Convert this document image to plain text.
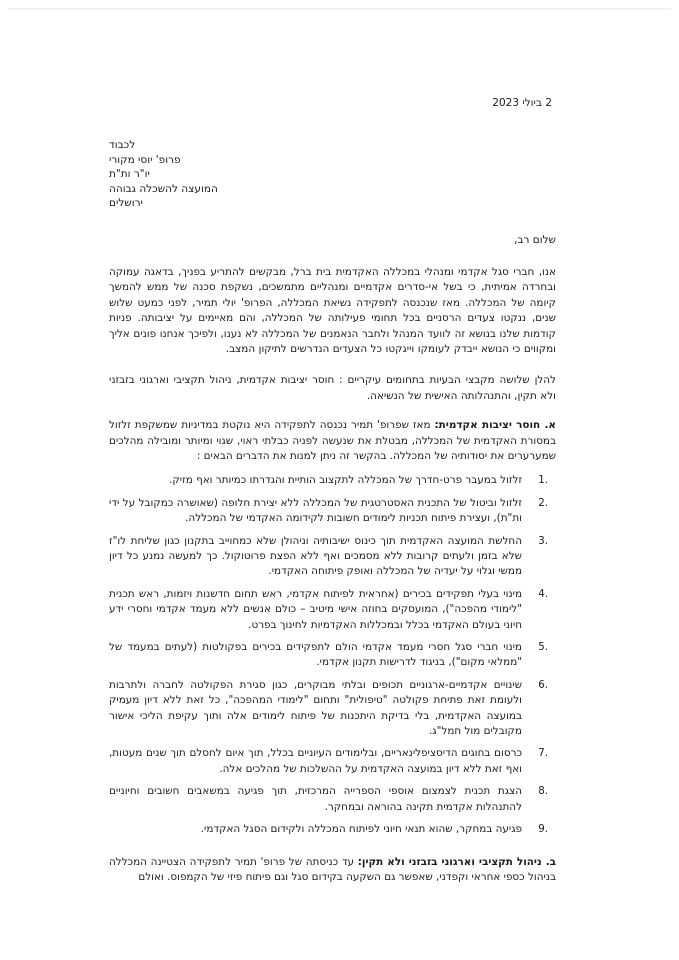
2 ביולי 2023
לכבוד
פרופ' יוסי מקורי
יו"ר ות"ת
המועצה להשכלה גבוהה
ירושלים
שלום רב,

אנו, חברי סגל אקדמי ומנהלי במכללה האקדמית בית ברל, מבקשים להתריע בפניך, בדאגה עמוקה ובחרדה אמיתית, כי בשל אי-סדרים אקדמיים ומנהליים מתמשכים, נשקפת סכנה של ממש להמשך קיומה של המכללה. מאז שנכנסה לתפקידה נשיאת המכללה, הפרופ' יולי תמיר, לפני כמעט שלוש שנים, ננקטו צעדים הרסניים בכל תחומי פעילותה של המכללה, והם מאיימים על יציבותה. פניות קודמות שלנו בנושא זה לוועד המנהל ולחבר הנאמנים של המכללה לא נענו, ולפיכך אנחנו פונים אליך ומקווים כי הנושא ייבדק לעומקו וייגקטו כל הצעדים הנדרשים לתיקון המצב.

להלן שלושה מקבצי הבעיות בתחומים עיקריים : חוסר יציבות אקדמית, ניהול תקציבי וארגוני בזבזני ולא תקין, והתנהלותה האישית של הנשיאה.

א. חוסר יציבות אקדמית: מאז שפרופ' תמיר נכנסה לתפקידה היא נוקטת במדיניות שמשקפת זלזול במסורת האקדמית של המכללה, מבטלת את שנעשה לפניה כבלתי ראוי, שגוי ומיותר ומובילה מהלכים שמערערים את יסודותיה של המכללה. בהקשר זה ניתן למנות את הדברים הבאים :

זלזול במעבר פרט-חדרך של המכללה לתקצוב הותיית והגדרתו כמיותר ואף מזיק.
זלזול וביטול של התכנית האסטרטגית של המכללה ללא יצירת חלופה (שאושרה כמקובל על ידי ות"ת), ועצירת פיתוח תכניות לימודים חשובות לקידומה האקדמי של המכללה.
החלשת המועצה האקדמית תוך כינוס ישיבותיה וניהולן שלא כמחוייב בתקנון כגון שליחת לו"ז שלא בזמן ולעתים קרובות ללא מסמכים ואף ללא הפצת פרוטוקול. כך למעשה נמנע כל דיון ממשי וגלוי על יעדיה של המכללה ואופק פיתוחה האקדמי.
מינוי בעלי תפקידים בכירים (אחראית לפיתוח אקדמי, ראש תחום חדשנות ויזמות, ראש תכנית "לימודי מהפכה"), המועסקים בחוזה אישי מיטיב – כולם אנשים ללא מעמד אקדמי וחסרי ידע חיוני בעולם האקדמי בכלל ובמכללות האקדמיות לחינוך בפרט.
מינוי חברי סגל חסרי מעמד אקדמי הולם לתפקידים בכירים בפקולטות (לעתים במעמד של "ממלאי מקום"), בניגוד לדרישות תקנון אקדמי.
שינויים אקדמיים-ארגוניים תכופים ובלתי מבוקרים, כגון סגירת הפקולטה לחברה ולתרבות ולעומת זאת פתיחת פקולטה "טיפולית" ותחום "לימודי המהפכה", כל זאת ללא דיון מעמיק במועצה האקדמית, בלי בדיקת היתכנות של פיתוח לימודים אלה ותוך עקיפת הליכי אישור מקובלים מול חמל"ג.
כרסום בחוגים הדיסציפלינאריים, ובלימודים העיוניים בכלל, תוך איום לחסלם תוך שנים מעטות, ואף זאת ללא דיון במועצה האקדמית על ההשלכות של מהלכים אלה.
הצגת תכנית לצמצום אוספי הספרייה המרכזית, תוך פגיעה במשאבים חשובים וחיוניים להתנהלות אקדמית תקינה בהוראה ובמחקר.
פגיעה במחקר, שהוא תנאי חיוני לפיתוח המכללה ולקידום הסגל האקדמי.

ב. ניהול תקציבי וארגוני בזבזני ולא תקין: עד כניסתה של פרופ' תמיר לתפקידה הצטיינה המכללה בניהול כספי אחראי וקפדני, שאפשר גם השקעה בקידום סגל וגם פיתוח פיזי של הקמפוס. ואולם
